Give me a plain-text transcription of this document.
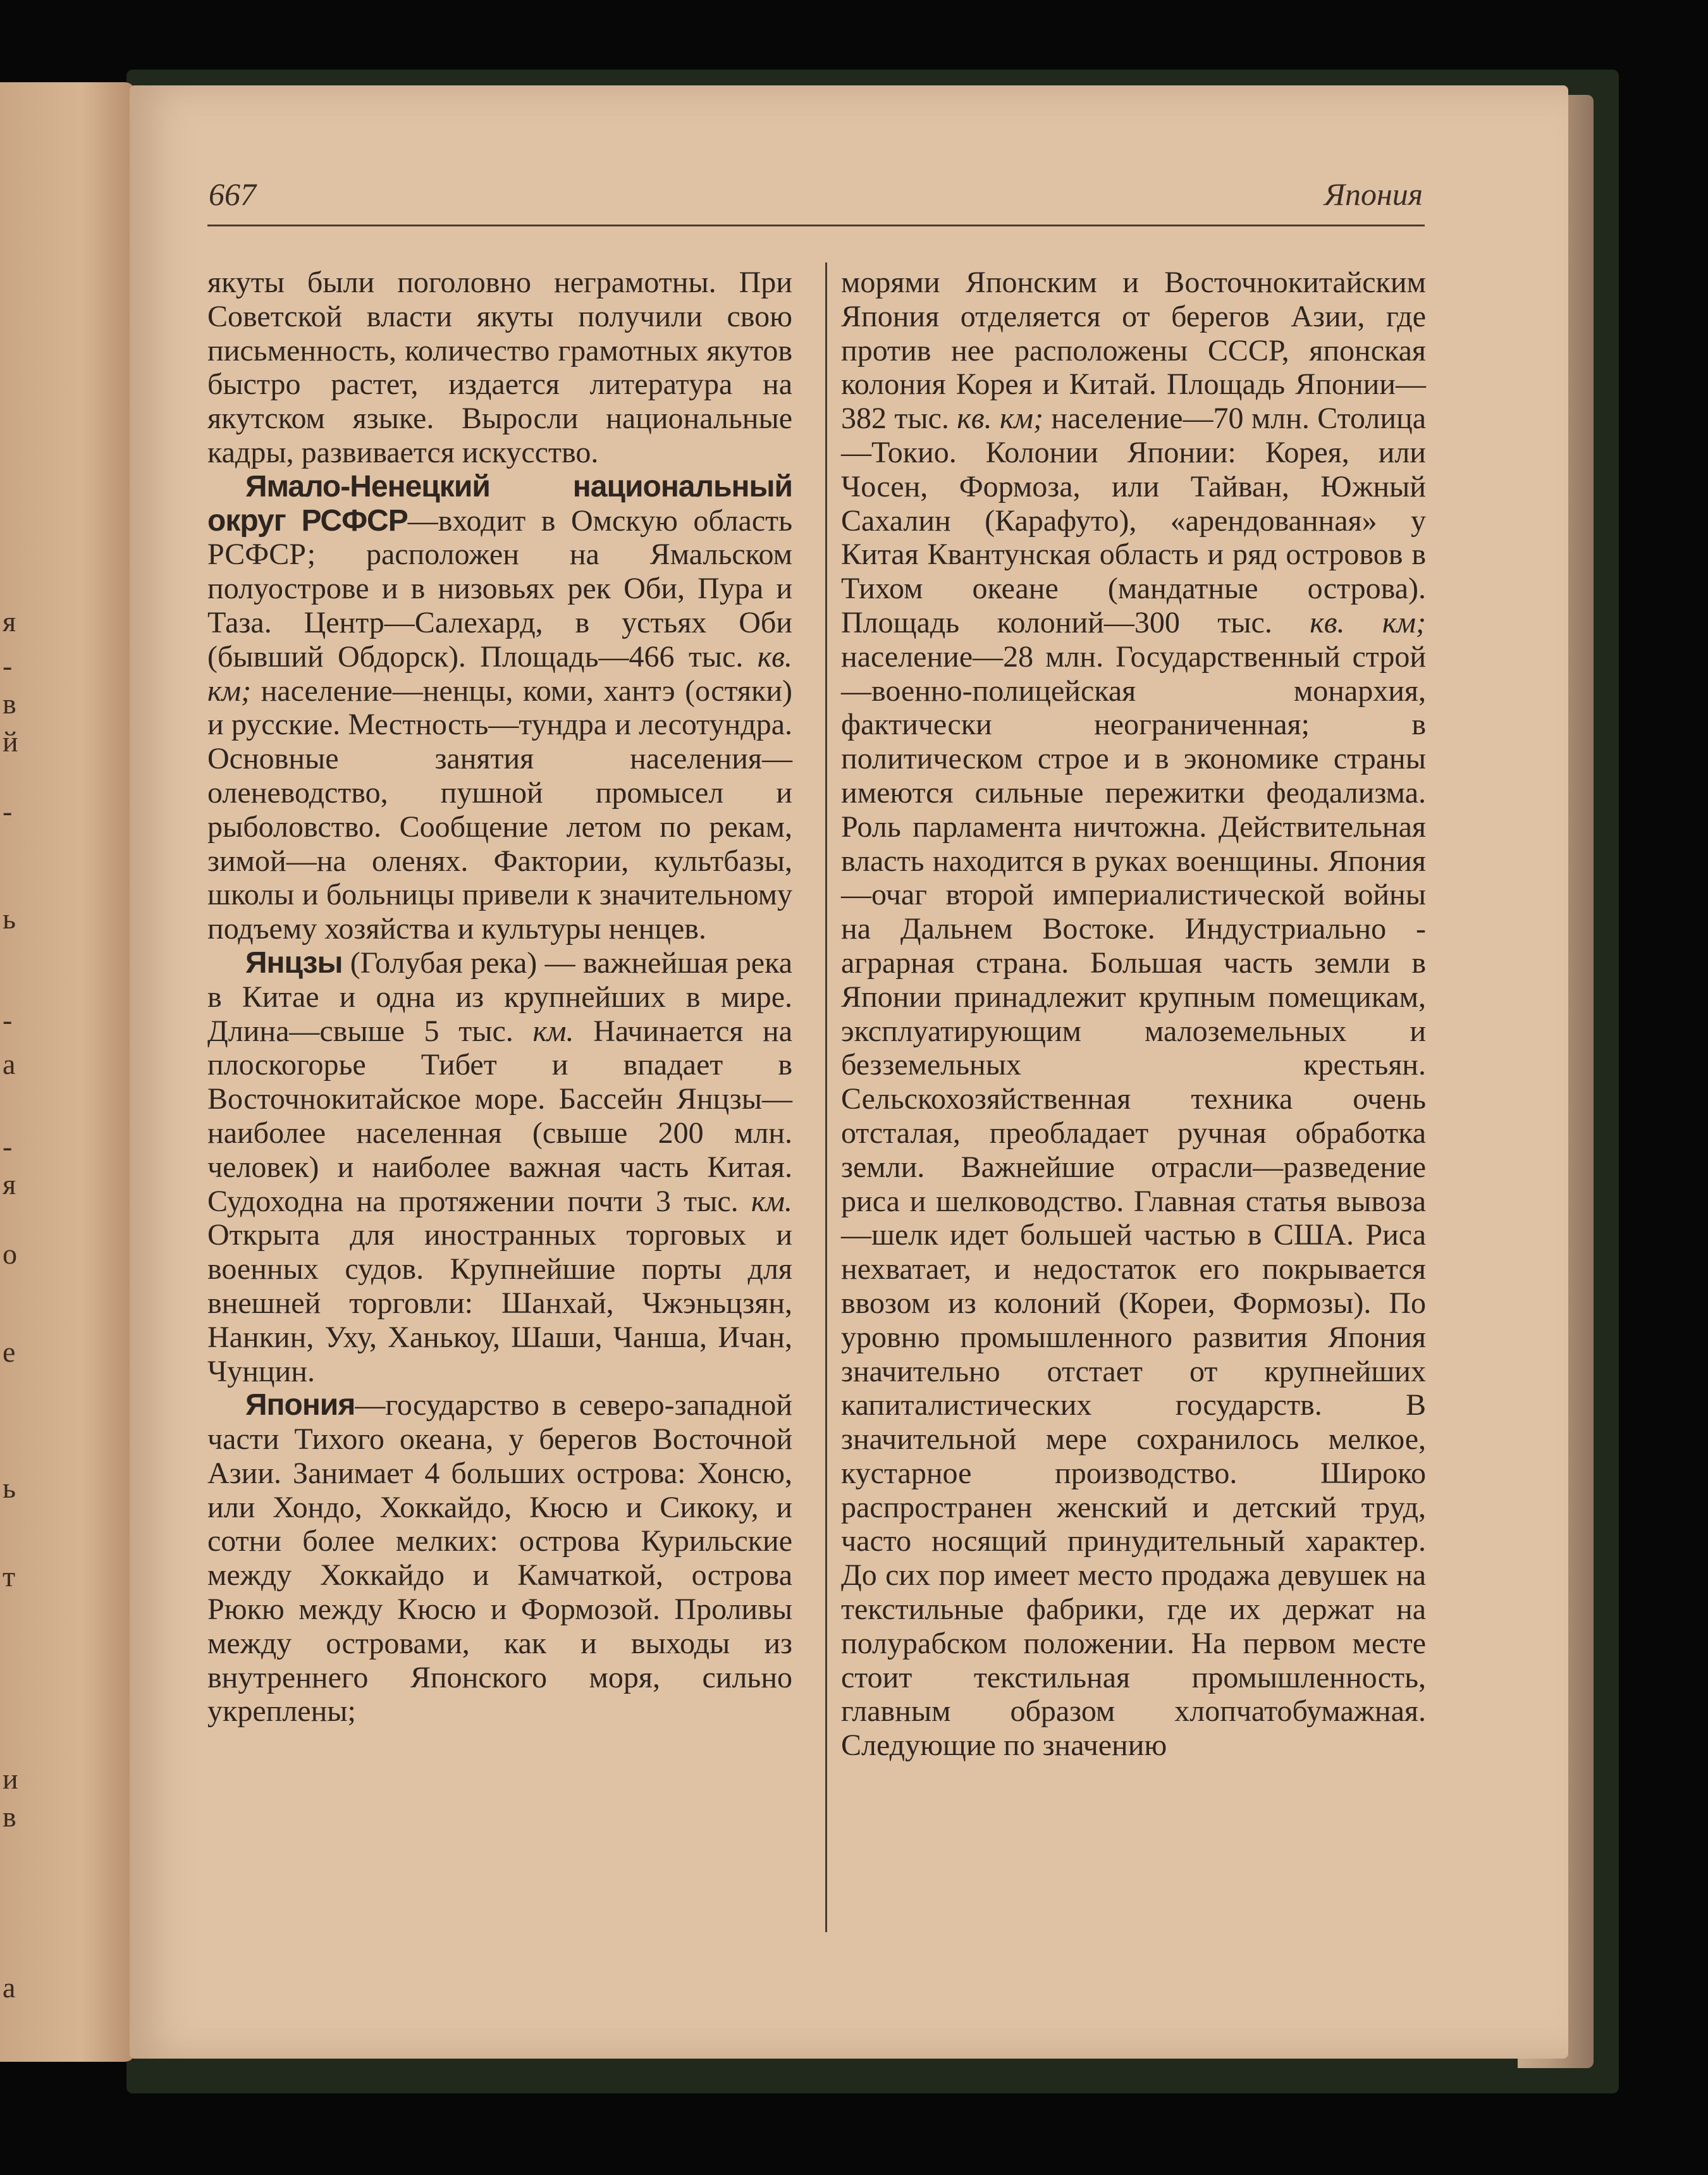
я
-
в
й
-
ь
-
а
-
я
о
е
ь
т
и
в
а
667	Япония

якуты были поголовно неграмотны. При Советской власти якуты получили свою письменность, количество грамотных якутов быстро растет, издается литература на якутском языке. Выросли национальные кадры, развивается искусство.

Ямало-Ненецкий национальный округ РСФСР—входит в Омскую область РСФСР; расположен на Ямальском полуострове и в низовьях рек Оби, Пура и Таза. Центр—Салехард, в устьях Оби (бывший Обдорск). Площадь—466 тыс. кв. км; население—ненцы, коми, хантэ (остяки) и русские. Местность—тундра и лесотундра. Основные занятия населения—оленеводство, пушной промысел и рыболовство. Сообщение летом по рекам, зимой—на оленях. Фактории, культбазы, школы и больницы привели к значительному подъему хозяйства и культуры ненцев.

Янцзы (Голубая река) — важнейшая река в Китае и одна из крупнейших в мире. Длина—свыше 5 тыс. км. Начинается на плоскогорье Тибет и впадает в Восточнокитайское море. Бассейн Янцзы—наиболее населенная (свыше 200 млн. человек) и наиболее важная часть Китая. Судоходна на протяжении почти 3 тыс. км. Открыта для иностранных торговых и военных судов. Крупнейшие порты для внешней торговли: Шанхай, Чжэньцзян, Нанкин, Уху, Ханькоу, Шаши, Чанша, Ичан, Чунцин.

Япония—государство в северо-западной части Тихого океана, у берегов Восточной Азии. Занимает 4 больших острова: Хонсю, или Хондо, Хоккайдо, Кюсю и Сикоку, и сотни более мелких: острова Курильские между Хоккайдо и Камчаткой, острова Рюкю между Кюсю и Формозой. Проливы между островами, как и выходы из внутреннего Японского моря, сильно укреплены;

морями Японским и Восточнокитайским Япония отделяется от берегов Азии, где против нее расположены СССР, японская колония Корея и Китай. Площадь Японии—382 тыс. кв. км; население—70 млн. Столица—Токио. Колонии Японии: Корея, или Чосен, Формоза, или Тайван, Южный Сахалин (Карафуто), «арендованная» у Китая Квантунская область и ряд островов в Тихом океане (мандатные острова). Площадь колоний—300 тыс. кв. км; население—28 млн. Государственный строй—военно-полицейская монархия, фактически неограниченная; в политическом строе и в экономике страны имеются сильные пережитки феодализма. Роль парламента ничтожна. Действительная власть находится в руках военщины. Япония—очаг второй империалистической войны на Дальнем Востоке. Индустриально - аграрная страна. Большая часть земли в Японии принадлежит крупным помещикам, эксплуатирующим малоземельных и безземельных крестьян. Сельскохозяйственная техника очень отсталая, преобладает ручная обработка земли. Важнейшие отрасли—разведение риса и шелководство. Главная статья вывоза—шелк идет большей частью в США. Риса нехватает, и недостаток его покрывается ввозом из колоний (Кореи, Формозы). По уровню промышленного развития Япония значительно отстает от крупнейших капиталистических государств. В значительной мере сохранилось мелкое, кустарное производство. Широко распространен женский и детский труд, часто носящий принудительный характер. До сих пор имеет место продажа девушек на текстильные фабрики, где их держат на полурабском положении. На первом месте стоит текстильная промышленность, главным образом хлопчатобумажная. Следующие по значению
